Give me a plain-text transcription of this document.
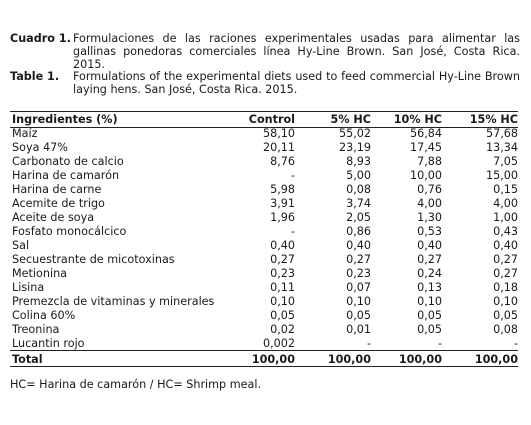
Cuadro 1. Formulaciones de las raciones experimentales usadas para alimentar las gallinas ponedoras comerciales línea Hy-Line Brown. San José, Costa Rica. 2015.
Table 1. Formulations of the experimental diets used to feed commercial Hy-Line Brown laying hens. San José, Costa Rica. 2015.
Ingredientes (%)	Control	5% HC	10% HC	15% HC
Maíz	58,10	55,02	56,84	57,68
Soya 47%	20,11	23,19	17,45	13,34
Carbonato de calcio	8,76	8,93	7,88	7,05
Harina de camarón	-	5,00	10,00	15,00
Harina de carne	5,98	0,08	0,76	0,15
Acemite de trigo	3,91	3,74	4,00	4,00
Aceite de soya	1,96	2,05	1,30	1,00
Fosfato monocálcico	-	0,86	0,53	0,43
Sal	0,40	0,40	0,40	0,40
Secuestrante de micotoxinas	0,27	0,27	0,27	0,27
Metionina	0,23	0,23	0,24	0,27
Lisina	0,11	0,07	0,13	0,18
Premezcla de vitaminas y minerales	0,10	0,10	0,10	0,10
Colina 60%	0,05	0,05	0,05	0,05
Treonina	0,02	0,01	0,05	0,08
Lucantin rojo	0,002	-	-	-
Total	100,00	100,00	100,00	100,00
HC= Harina de camarón / HC= Shrimp meal.
